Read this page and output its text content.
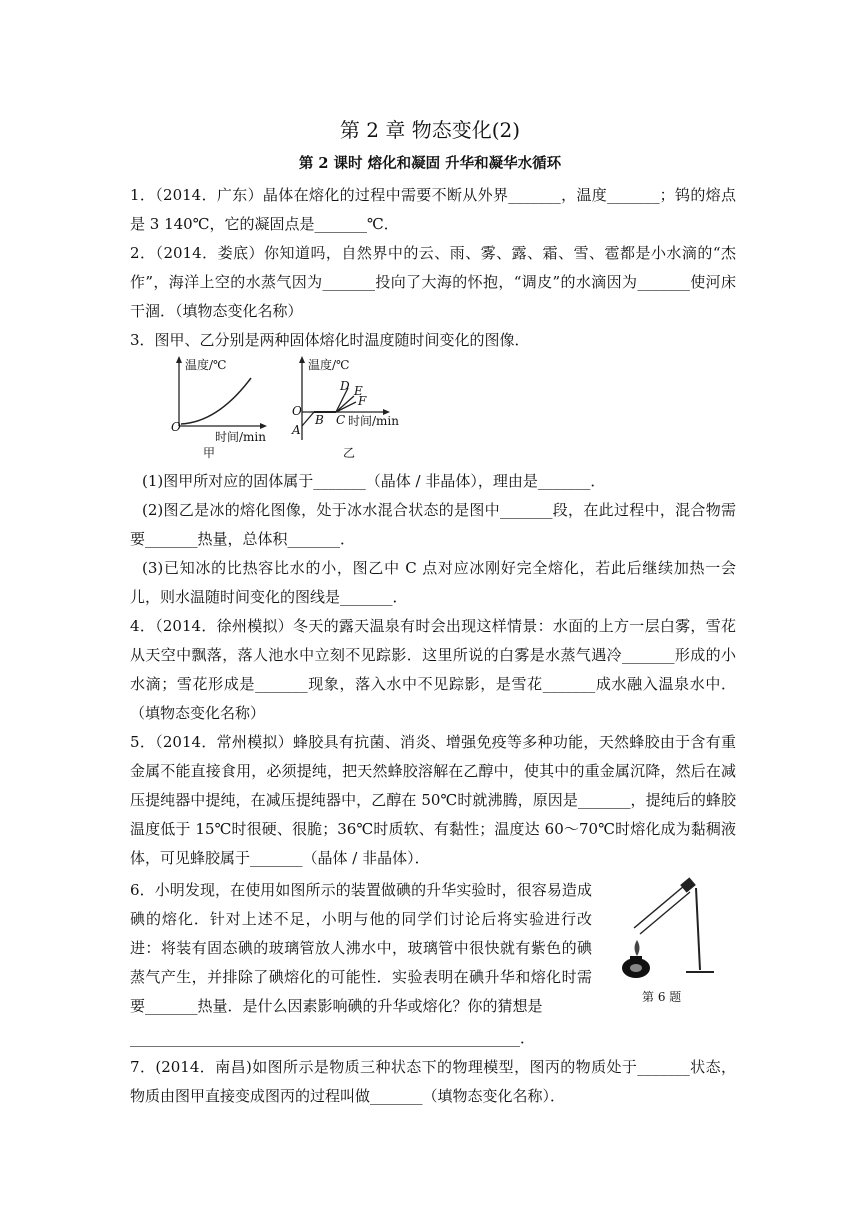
第 2 章 物态变化(2)
第 2 课时 熔化和凝固 升华和凝华水循环

1．（2014．广东）晶体在熔化的过程中需要不断从外界_______，温度_______；钨的熔点是 3 140℃，它的凝固点是_______℃．

2．（2014．娄底）你知道吗，自然界中的云、雨、雾、露、霜、雪、雹都是小水滴的“杰作”，海洋上空的水蒸气因为_______投向了大海的怀抱，“调皮”的水滴因为_______使河床干涸．（填物态变化名称）

3．图甲、乙分别是两种固体熔化时温度随时间变化的图像．

温度/℃
O
时间/min
甲
温度/℃
O
A
B C
D E
F
时间/min
乙

(1)图甲所对应的固体属于_______（晶体 / 非晶体），理由是_______．

(2)图乙是冰的熔化图像，处于冰水混合状态的是图中_______段，在此过程中，混合物需要_______热量，总体积_______．

(3)已知冰的比热容比水的小，图乙中 C 点对应冰刚好完全熔化，若此后继续加热一会儿，则水温随时间变化的图线是_______．

4．（2014．徐州模拟）冬天的露天温泉有时会出现这样情景：水面的上方一层白雾，雪花从天空中飘落，落人池水中立刻不见踪影．这里所说的白雾是水蒸气遇冷_______形成的小水滴；雪花形成是_______现象，落入水中不见踪影，是雪花_______成水融入温泉水中．（填物态变化名称）

5．（2014．常州模拟）蜂胶具有抗菌、消炎、增强免疫等多种功能，天然蜂胶由于含有重金属不能直接食用，必须提纯，把天然蜂胶溶解在乙醇中，使其中的重金属沉降，然后在减压提纯器中提纯，在减压提纯器中，乙醇在 50℃时就沸腾，原因是_______，提纯后的蜂胶温度低于 15℃时很硬、很脆；36℃时质软、有黏性；温度达 60～70℃时熔化成为黏稠液体，可见蜂胶属于_______（晶体 / 非晶体）．

6．小明发现，在使用如图所示的装置做碘的升华实验时，很容易造成碘的熔化．针对上述不足，小明与他的同学们讨论后将实验进行改进：将装有固态碘的玻璃管放人沸水中，玻璃管中很快就有紫色的碘蒸气产生，并排除了碘熔化的可能性．实验表明在碘升华和熔化时需要_______热量．是什么因素影响碘的升华或熔化？你的猜想是	第 6 题

____________________________________________________．

7．(2014．南昌)如图所示是物质三种状态下的物理模型，图丙的物质处于_______状态，物质由图甲直接变成图丙的过程叫做_______（填物态变化名称）．
